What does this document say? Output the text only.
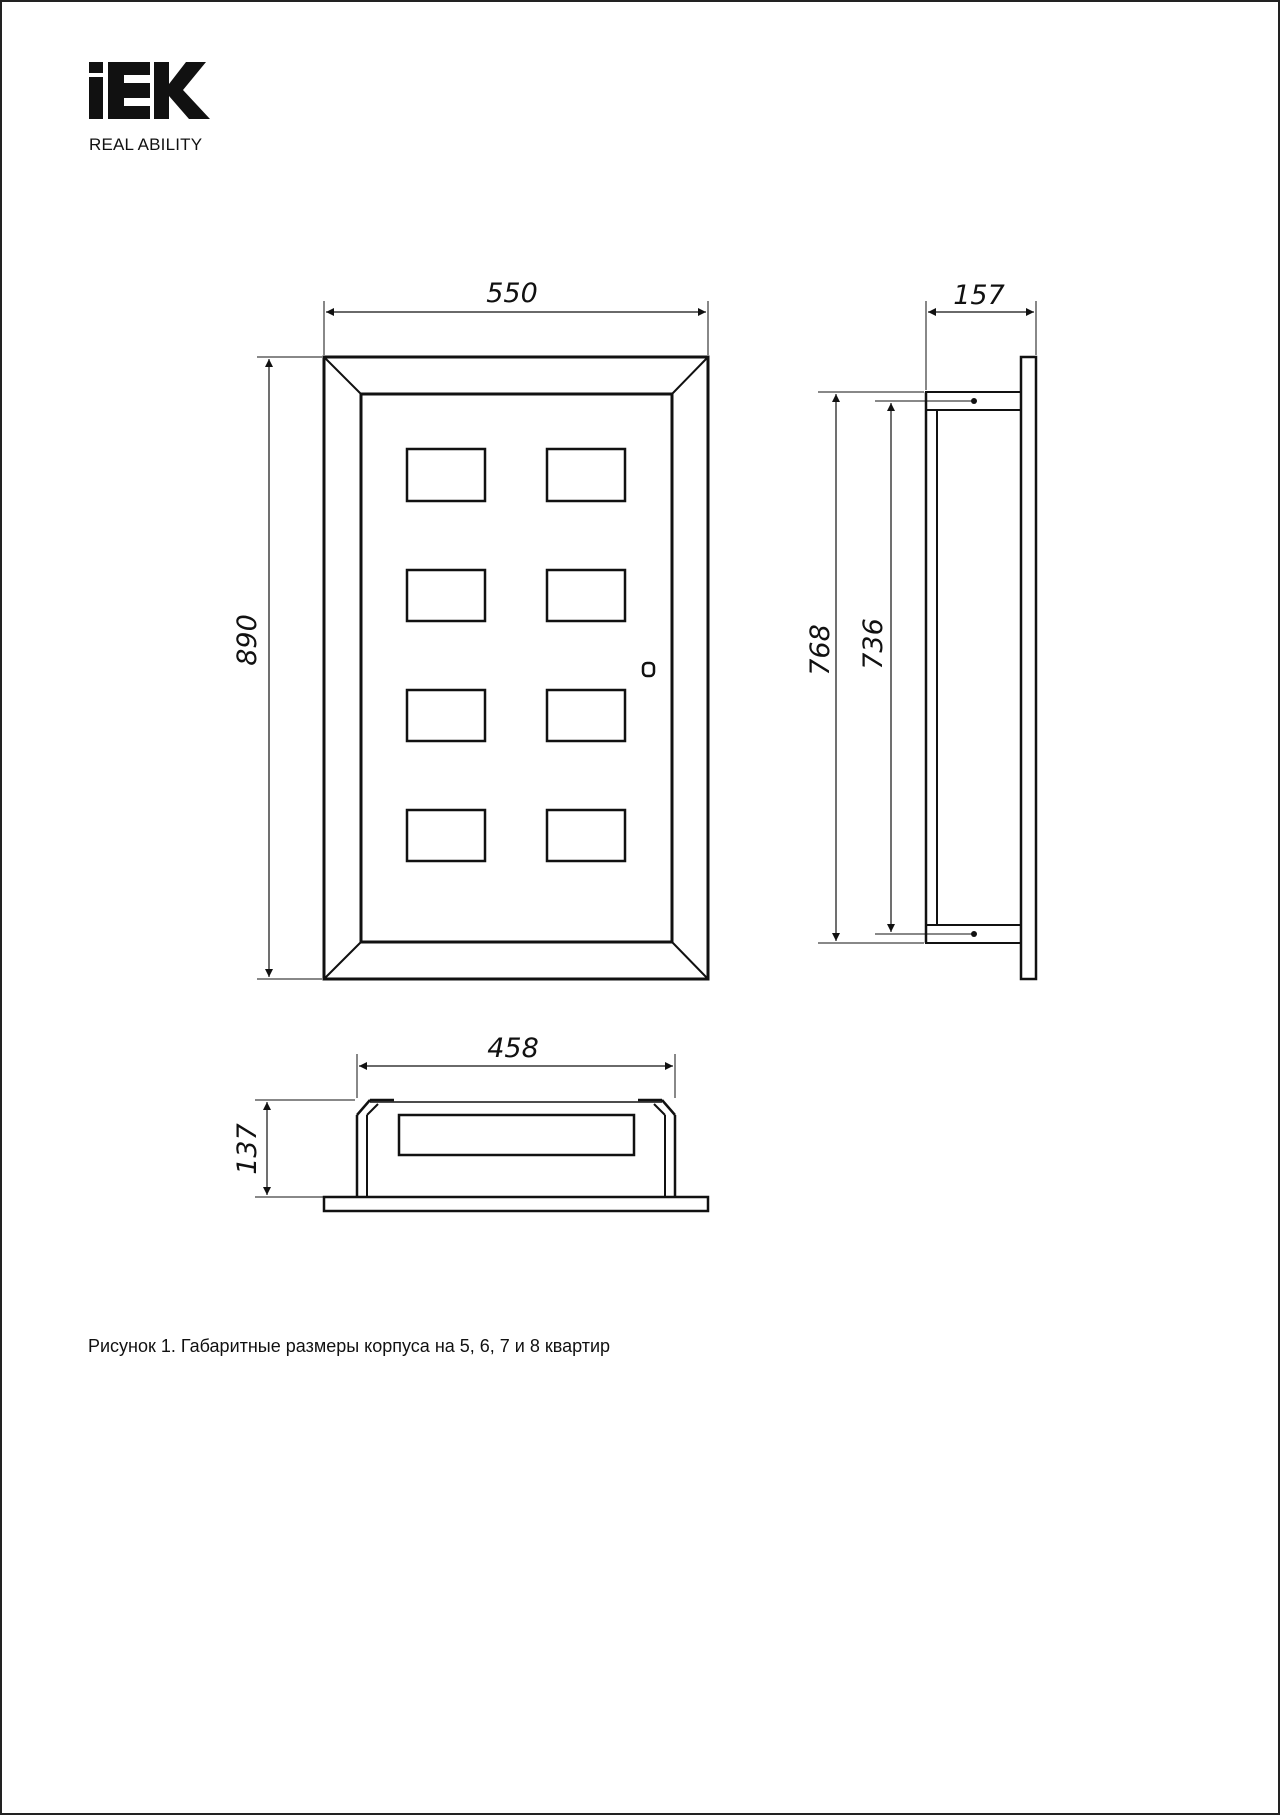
REAL ABILITY
550
890
157
768 736
458
137
Рисунок 1. Габаритные размеры корпуса на 5, 6, 7 и 8 квартир
